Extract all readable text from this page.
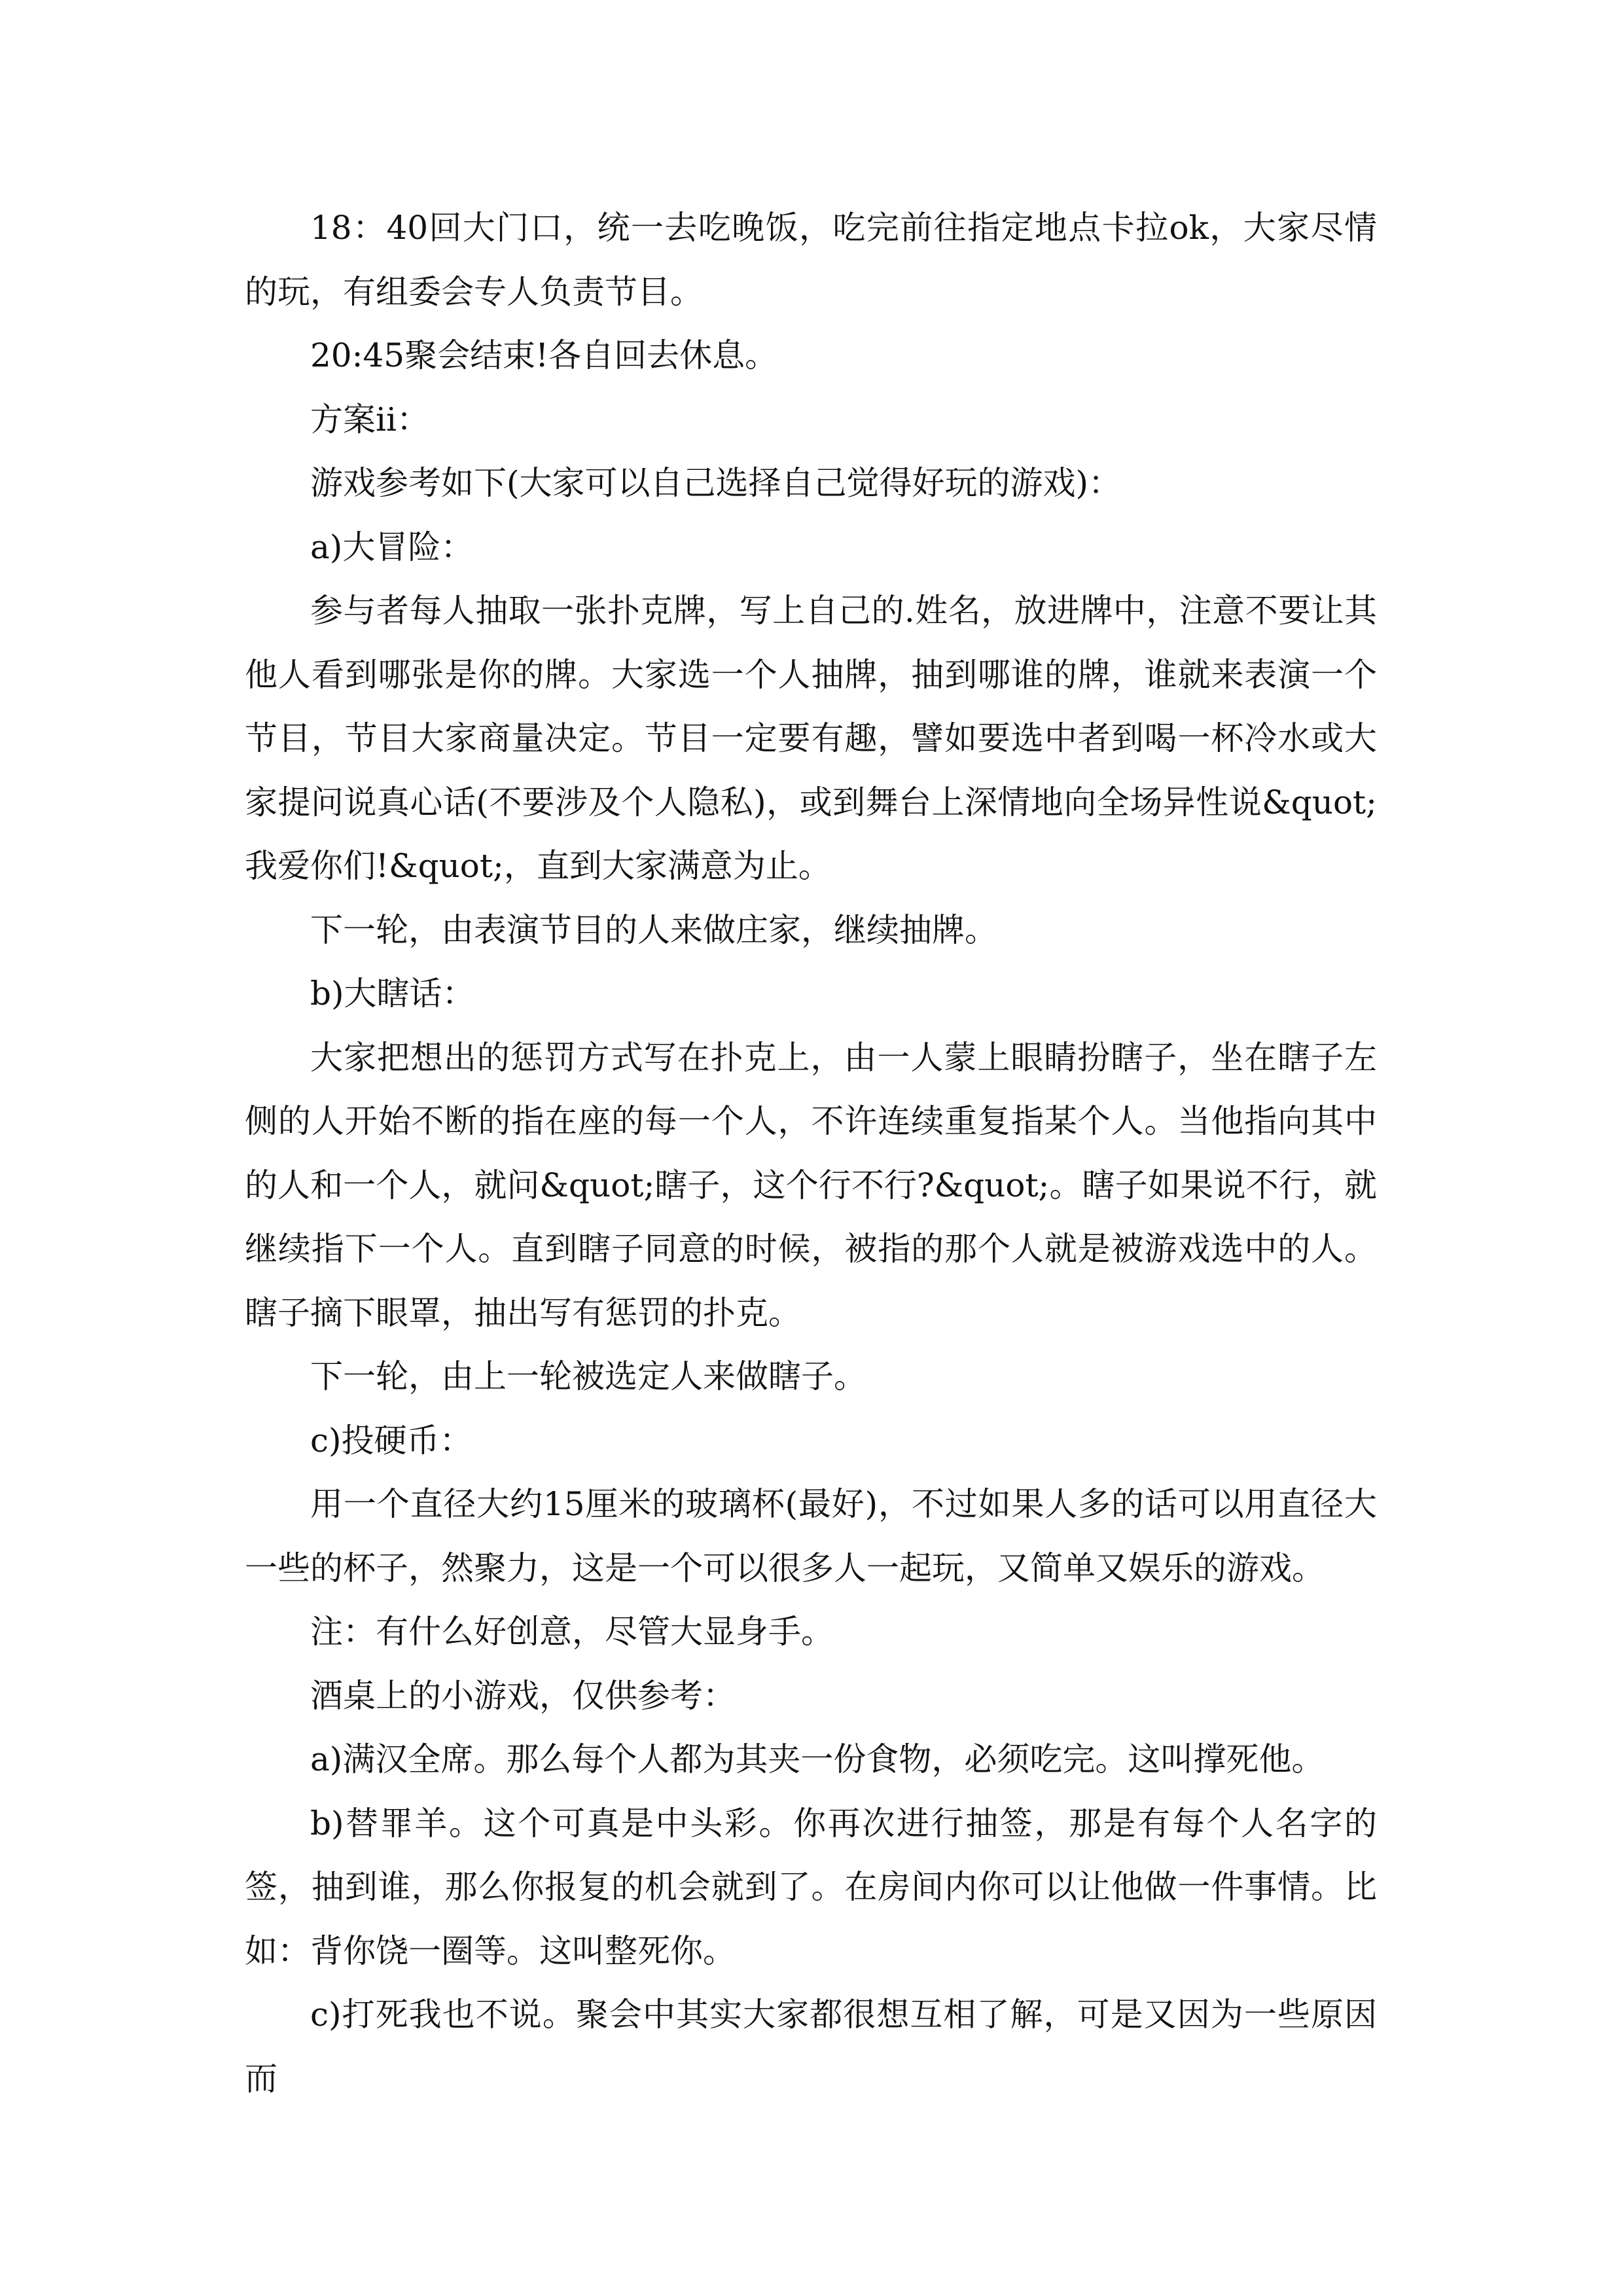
18：40回大门口，统一去吃晚饭，吃完前往指定地点卡拉ok，大家尽情的玩，有组委会专人负责节目。

20:45聚会结束!各自回去休息。

方案ii：

游戏参考如下(大家可以自己选择自己觉得好玩的游戏)：

a)大冒险：

参与者每人抽取一张扑克牌，写上自己的.姓名，放进牌中，注意不要让其他人看到哪张是你的牌。大家选一个人抽牌，抽到哪谁的牌，谁就来表演一个节目，节目大家商量决定。节目一定要有趣，譬如要选中者到喝一杯冷水或大家提问说真心话(不要涉及个人隐私)，或到舞台上深情地向全场异性说&quot;我爱你们!&quot;，直到大家满意为止。

下一轮，由表演节目的人来做庄家，继续抽牌。

b)大瞎话：

大家把想出的惩罚方式写在扑克上，由一人蒙上眼睛扮瞎子，坐在瞎子左侧的人开始不断的指在座的每一个人，不许连续重复指某个人。当他指向其中的人和一个人，就问&quot;瞎子，这个行不行?&quot;。瞎子如果说不行，就继续指下一个人。直到瞎子同意的时候，被指的那个人就是被游戏选中的人。瞎子摘下眼罩，抽出写有惩罚的扑克。

下一轮，由上一轮被选定人来做瞎子。

c)投硬币：

用一个直径大约15厘米的玻璃杯(最好)，不过如果人多的话可以用直径大一些的杯子，然聚力，这是一个可以很多人一起玩，又简单又娱乐的游戏。

注：有什么好创意，尽管大显身手。

酒桌上的小游戏，仅供参考：

a)满汉全席。那么每个人都为其夹一份食物，必须吃完。这叫撑死他。

b)替罪羊。这个可真是中头彩。你再次进行抽签，那是有每个人名字的签，抽到谁，那么你报复的机会就到了。在房间内你可以让他做一件事情。比如：背你饶一圈等。这叫整死你。

c)打死我也不说。聚会中其实大家都很想互相了解，可是又因为一些原因而
